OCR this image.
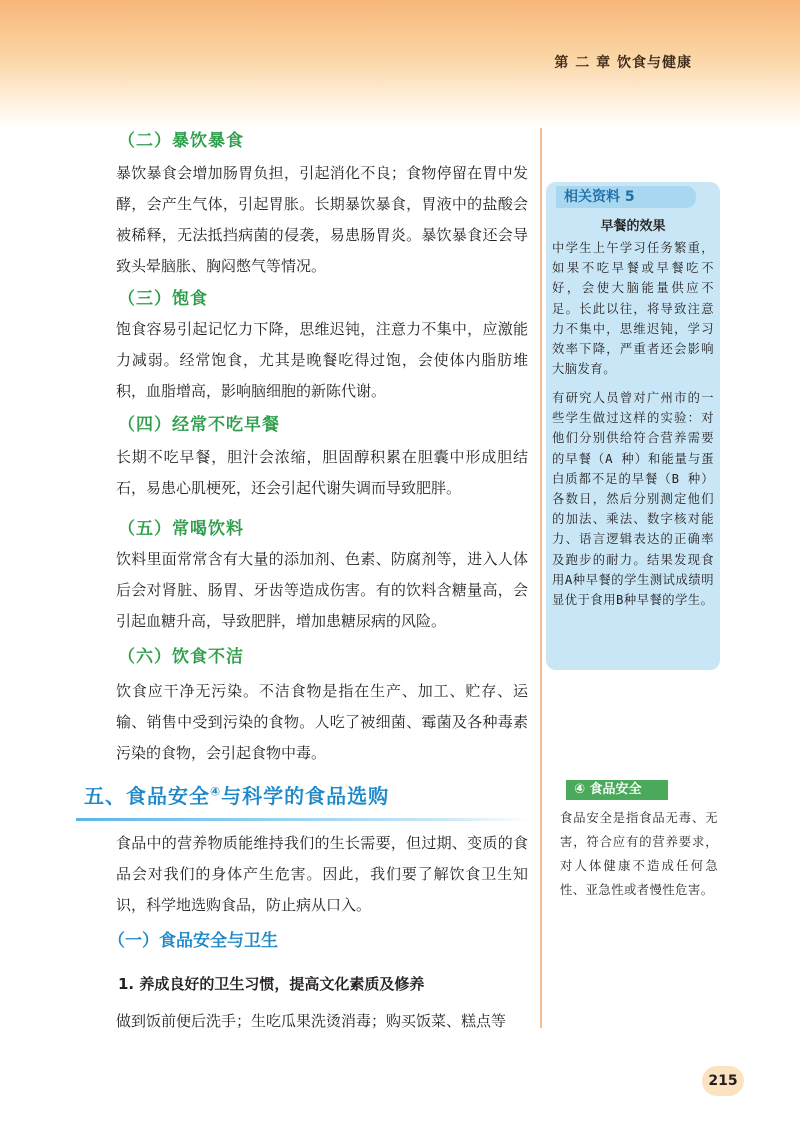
第 二 章 饮食与健康
（二）暴饮暴食
暴饮暴食会增加肠胃负担，引起消化不良；食物停留在胃中发酵，会产生气体，引起胃胀。长期暴饮暴食，胃液中的盐酸会被稀释，无法抵挡病菌的侵袭，易患肠胃炎。暴饮暴食还会导致头晕脑胀、胸闷憋气等情况。
（三）饱食
饱食容易引起记忆力下降，思维迟钝，注意力不集中，应激能力减弱。经常饱食，尤其是晚餐吃得过饱，会使体内脂肪堆积，血脂增高，影响脑细胞的新陈代谢。
（四）经常不吃早餐
长期不吃早餐，胆汁会浓缩，胆固醇积累在胆囊中形成胆结石，易患心肌梗死，还会引起代谢失调而导致肥胖。
（五）常喝饮料
饮料里面常常含有大量的添加剂、色素、防腐剂等，进入人体后会对肾脏、肠胃、牙齿等造成伤害。有的饮料含糖量高，会引起血糖升高，导致肥胖，增加患糖尿病的风险。
（六）饮食不洁
饮食应干净无污染。不洁食物是指在生产、加工、贮存、运输、销售中受到污染的食物。人吃了被细菌、霉菌及各种毒素污染的食物，会引起食物中毒。
五、食品安全④与科学的食品选购
食品中的营养物质能维持我们的生长需要，但过期、变质的食品会对我们的身体产生危害。因此，我们要了解饮食卫生知识，科学地选购食品，防止病从口入。
（一）食品安全与卫生
1. 养成良好的卫生习惯，提高文化素质及修养
做到饭前便后洗手；生吃瓜果洗烫消毒；购买饭菜、糕点等
相关资料 5
早餐的效果
中学生上午学习任务繁重，如果不吃早餐或早餐吃不好，会使大脑能量供应不足。长此以往，将导致注意力不集中，思维迟钝，学习效率下降，严重者还会影响大脑发育。
有研究人员曾对广州市的一些学生做过这样的实验：对他们分别供给符合营养需要的早餐（A 种）和能量与蛋白质都不足的早餐（B 种）各数日，然后分别测定他们的加法、乘法、数字核对能力、语言逻辑表达的正确率及跑步的耐力。结果发现食用A种早餐的学生测试成绩明显优于食用B种早餐的学生。
④ 食品安全
食品安全是指食品无毒、无害，符合应有的营养要求，对人体健康不造成任何急性、亚急性或者慢性危害。
215
